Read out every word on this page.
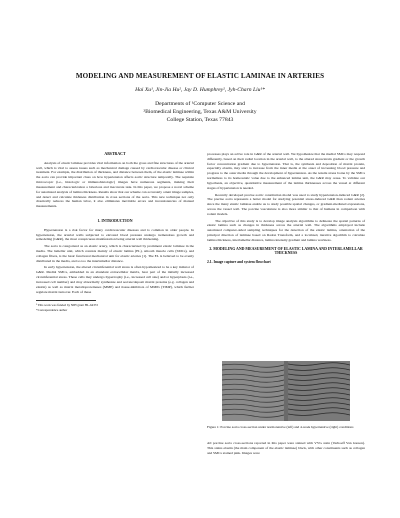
MODELING AND MEASUREMENT OF ELASTIC LAMINAE IN ARTERIES
Hai Xu¹, Jin-Jia Hu², Jay D. Humphrey², Jyh-Charn Liu¹*
Departments of ¹Computer Science and
²Biomedical Engineering, Texas A&M University
College Station, Texas 77843
ABSTRACT

Analysis of elastic laminae provides vital information on both the gross and fine structures of the arterial wall, which is vital to assess issues such as mechanical damage caused by cardiovascular disease or clinical treatment. For example, the distribution of thickness, and distance between them, of the elastic laminae within the aorta can provide important clues on how hypertension affects aortic structure temporally. The requisite microscopic (i.e., histologic or immunohistologic) images have numerous segments, making their measurement and characterization a laborious and inaccurate task. In this paper, we propose a novel scheme for automated analysis of lamina thickness. Results show that our scheme can accurately orient image samples, and detect and calculate thickness distribution in cross sections of the aorta. This new technique not only drastically reduces the human labor, it also eliminates inevitable errors and inconsistencies of manual measurements.

1. INTRODUCTION

Hypertension is a risk factor for many cardiovascular diseases and is common in older people. In hypertension, the arterial walls subjected to elevated blood pressure undergo tremendous growth and remodeling (G&R), the most conspicuous manifestation being arterial wall thickening.

The aorta is categorized as an elastic artery, which is characterized by prominent elastic laminae in the media. The lamellar unit, which consists mainly of elastic lamina (EL), smooth muscle cells (SMCs), and collagen fibers, is the basic functional mechanical unit for elastic arteries [1]. The EL is believed to be evenly distributed in the media, and so too the interlamellar distance.

In early hypertension, the altered circumferential wall stress is often hypothesized to be a key initiator of G&R. Medial SMCs, embedded in an abundant extracellular matrix, bear part of the initially increased circumferential stress. These cells may undergo hypertrophy (i.e., increased cell size) and/or hyperplasia (i.e., increased cell number) and may abnormally synthesize and secrete/deposit matrix proteins (e.g. collagen and elastin) as well as matrix metalloproteinases (MMP) and tissue-inhibitors of MMPs (TIMP), which further regulate matrix turnover. Each of these

¹ This work was funded by NIH grant HL-64372
*Correspondence author

processes plays an active role in G&R of the arterial wall. We hypothesize that the medial SMCs may respond differently, based on their radial location in the arterial wall, to the altered stress/strain gradient or the growth factor concentration gradient due to hypertension. That is, the synthesis and deposition of matrix protein, especially elastin, may start to increase from the inner media at the onset of increasing blood pressure and progress to the outer media through the development of hypertension. As the tensile stress borne by the SMCs normalizes to its homeostatic value due to the enhanced lamina unit, the G&R may cease. To validate our hypothesis, an objective, quantitative measurement of the lamina thicknesses across the vessel at different stages of hypertension is needed.

Recently developed precise aortic constitution model was used to study hypertension-induced G&R [2]. The precise aorta represents a better model for studying potential stress-induced G&R than rodent arteries since the many elastic laminae enable us to study possible spatial changes, or gradient-mediated expressions, across the vessel wall. The porcine vasculature is also more similar to that of humans in comparison with rodent models.

The objective of this study is to develop image analysis algorithms to delineate the spatial patterns of elastic lamina such as changes in thickness across the arterial wall. The algorithms employed include automated computer-aided sampling techniques for the detection of the elastic lamina, orientation of the principal direction of laminae based on Radon Transform, and a localized, iterative algorithm to calculate lamina thickness, interlamellar distance, lamina intensity gradient and lamina waviness.

2. MODELING AND MEASUREMENT OF ELASTIC LAMINA AND INTERLAMELLAR THICKNESS
2.1. Image capture and system flowchart
Figure 1: Porcine aorta cross-section under normotensive (left) and 4-week hypertensive (right) conditions

All porcine aorta cross-sections reported in this paper were stained with VVG stain (Verhoeff Van Gieson). This stains elastin (the main component of the elastic laminae) black, with other constituents such as collagen and SMCs stained pink. Images were
